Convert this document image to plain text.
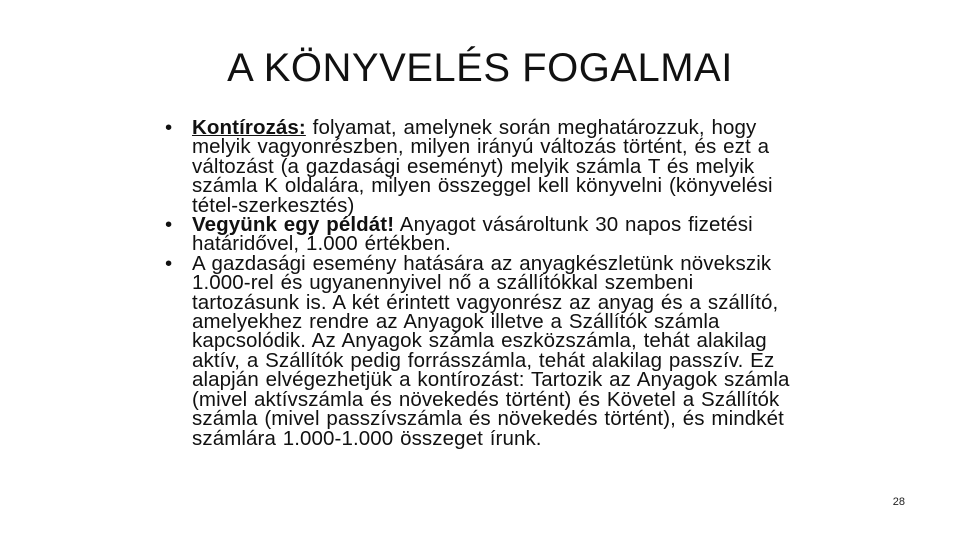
A KÖNYVELÉS FOGALMAI
• Kontírozás: folyamat, amelynek során meghatározzuk, hogy melyik vagyonrészben, milyen irányú változás történt, és ezt a változást (a gazdasági eseményt) melyik számla T és melyik számla K oldalára, milyen összeggel kell könyvelni (könyvelési tétel-szerkesztés)
• Vegyünk egy példát! Anyagot vásároltunk 30 napos fizetési határidővel, 1.000 értékben.
• A gazdasági esemény hatására az anyagkészletünk növekszik 1.000-rel és ugyanennyivel nő a szállítókkal szembeni tartozásunk is. A két érintett vagyonrész az anyag és a szállító, amelyekhez rendre az Anyagok illetve a Szállítók számla kapcsolódik. Az Anyagok számla eszközszámla, tehát alakilag aktív, a Szállítók pedig forrásszámla, tehát alakilag passzív. Ez alapján elvégezhetjük a kontírozást: Tartozik az Anyagok számla (mivel aktívszámla és növekedés történt) és Követel a Szállítók számla (mivel passzívszámla és növekedés történt), és mindkét számlára 1.000-1.000 összeget írunk.
28
